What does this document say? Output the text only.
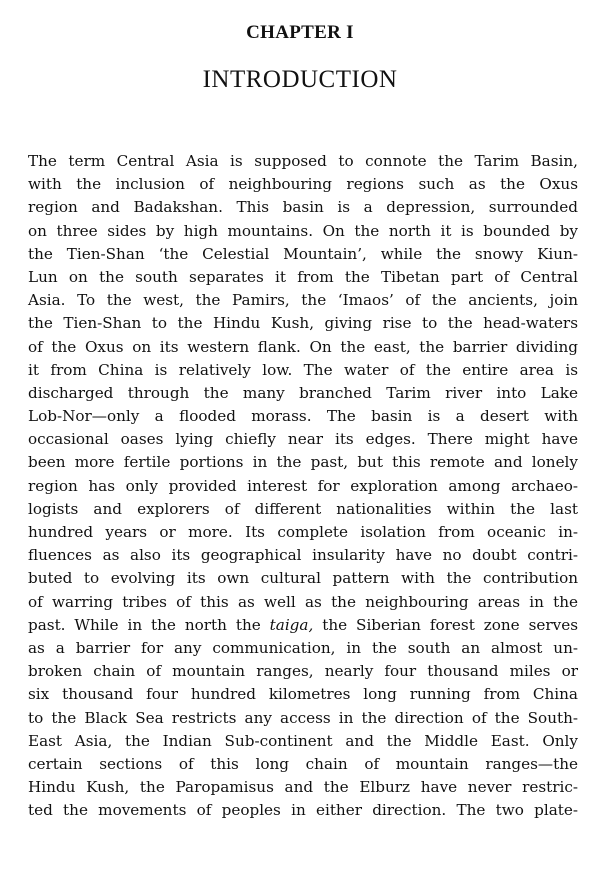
CHAPTER I
INTRODUCTION
The term Central Asia is supposed to connote the Tarim Basin,
with the inclusion of neighbouring regions such as the Oxus
region and Badakshan. This basin is a depression, surrounded
on three sides by high mountains. On the north it is bounded by
the Tien-Shan ‘the Celestial Mountain’, while the snowy Kiun-
Lun on the south separates it from the Tibetan part of Central
Asia. To the west, the Pamirs, the ‘Imaos’ of the ancients, join
the Tien-Shan to the Hindu Kush, giving rise to the head-waters
of the Oxus on its western flank. On the east, the barrier dividing
it from China is relatively low. The water of the entire area is
discharged through the many branched Tarim river into Lake
Lob-Nor—only a flooded morass. The basin is a desert with
occasional oases lying chiefly near its edges. There might have
been more fertile portions in the past, but this remote and lonely
region has only provided interest for exploration among archaeo-
logists and explorers of different nationalities within the last
hundred years or more. Its complete isolation from oceanic in-
fluences as also its geographical insularity have no doubt contri-
buted to evolving its own cultural pattern with the contribution
of warring tribes of this as well as the neighbouring areas in the
past. While in the north the taiga, the Siberian forest zone serves
as a barrier for any communication, in the south an almost un-
broken chain of mountain ranges, nearly four thousand miles or
six thousand four hundred kilometres long running from China
to the Black Sea restricts any access in the direction of the South-
East Asia, the Indian Sub-continent and the Middle East. Only
certain sections of this long chain of mountain ranges—the
Hindu Kush, the Paropamisus and the Elburz have never restric-
ted the movements of peoples in either direction. The two plate-
